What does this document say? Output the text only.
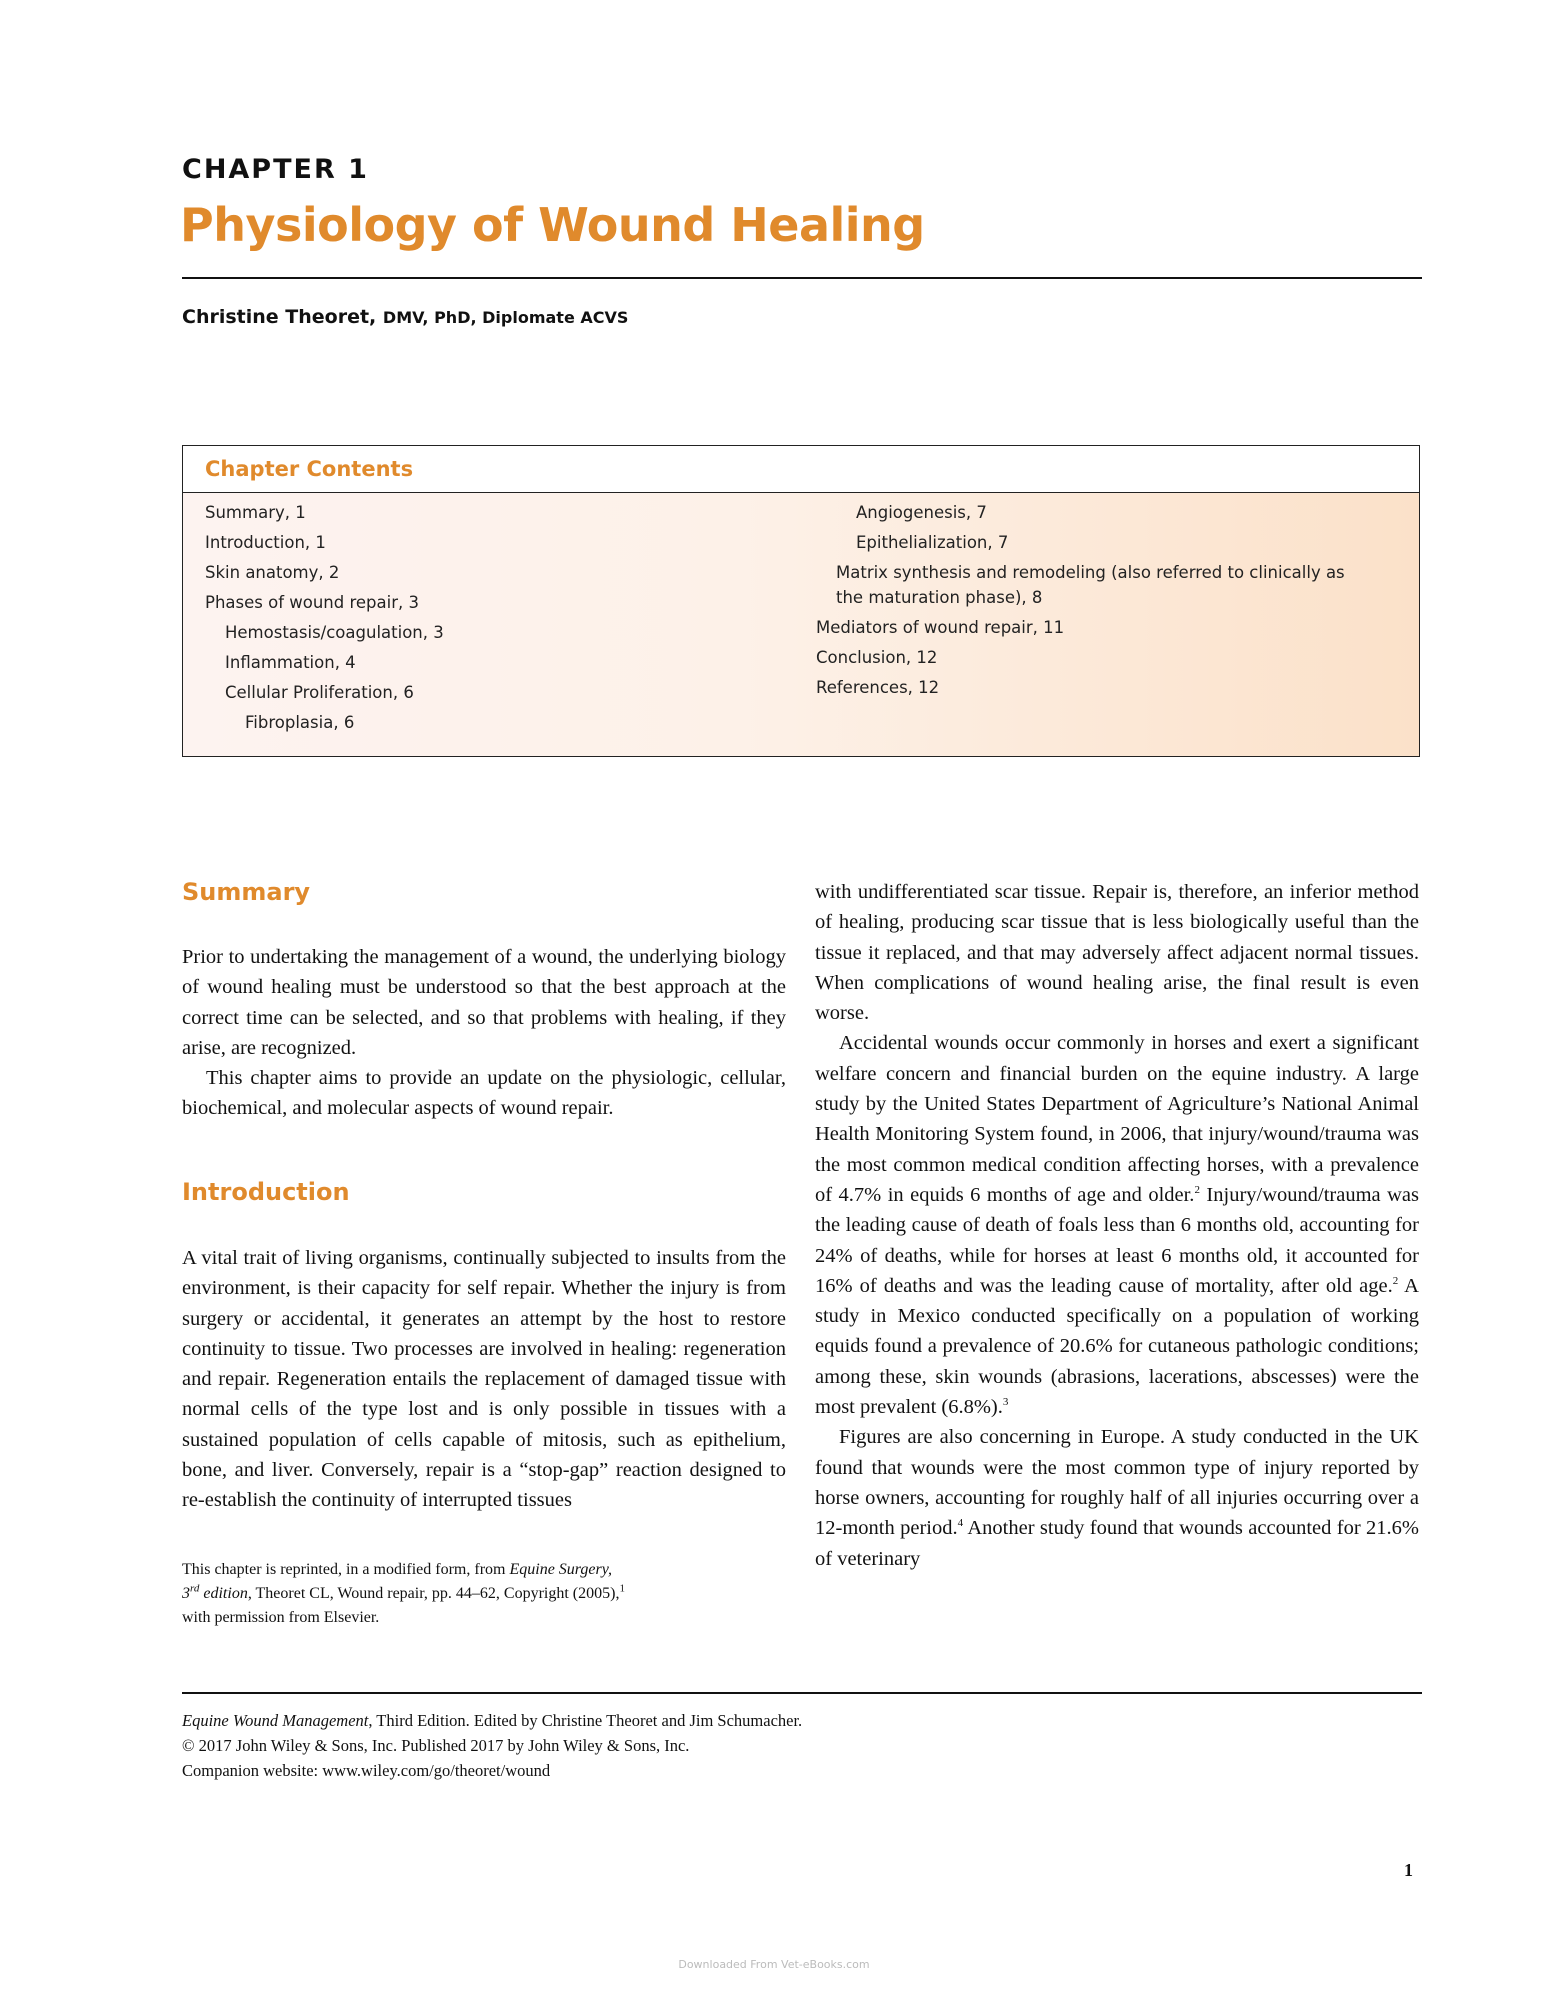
CHAPTER 1
Physiology of Wound Healing
Christine Theoret, DMV, PhD, Diplomate ACVS
Chapter Contents
Summary, 1
Introduction, 1
Skin anatomy, 2
Phases of wound repair, 3
Hemostasis/coagulation, 3
Inflammation, 4
Cellular Proliferation, 6
Fibroplasia, 6
Angiogenesis, 7
Epithelialization, 7
Matrix synthesis and remodeling (also referred to clinically as
the maturation phase), 8
Mediators of wound repair, 11
Conclusion, 12
References, 12
Summary

Prior to undertaking the management of a wound, the underlying biology of wound healing must be understood so that the best approach at the correct time can be selected, and so that problems with healing, if they arise, are recognized.

This chapter aims to provide an update on the physiologic, cellular, biochemical, and molecular aspects of wound repair.

Introduction

A vital trait of living organisms, continually subjected to insults from the environment, is their capacity for self repair. Whether the injury is from surgery or accidental, it generates an attempt by the host to restore continuity to tissue. Two processes are involved in healing: regeneration and repair. Regeneration entails the replacement of damaged tissue with normal cells of the type lost and is only possible in tissues with a sustained population of cells capable of mitosis, such as epithelium, bone, and liver. Conversely, repair is a “stop-gap” reaction designed to re-establish the continuity of interrupted tissues

This chapter is reprinted, in a modified form, from Equine Surgery,
3rd edition, Theoret CL, Wound repair, pp. 44–62, Copyright (2005),$^1$
with permission from Elsevier.

with undifferentiated scar tissue. Repair is, therefore, an inferior method of healing, producing scar tissue that is less biologically useful than the tissue it replaced, and that may adversely affect adjacent normal tissues. When complications of wound healing arise, the final result is even worse.

Accidental wounds occur commonly in horses and exert a significant welfare concern and financial burden on the equine industry. A large study by the United States Department of Agriculture’s National Animal Health Monitoring System found, in 2006, that injury/wound/trauma was the most common medical condition affecting horses, with a prevalence of 4.7% in equids 6 months of age and older.$^2$ Injury/wound/trauma was the leading cause of death of foals less than 6 months old, accounting for 24% of deaths, while for horses at least 6 months old, it accounted for 16% of deaths and was the leading cause of mortality, after old age.$^2$ A study in Mexico conducted specifically on a population of working equids found a prevalence of 20.6% for cutaneous pathologic conditions; among these, skin wounds (abrasions, lacerations, abscesses) were the most prevalent (6.8%).$^3$

Figures are also concerning in Europe. A study conducted in the UK found that wounds were the most common type of injury reported by horse owners, accounting for roughly half of all injuries occurring over a 12-month period.$^4$ Another study found that wounds accounted for 21.6% of veterinary

Equine Wound Management, Third Edition. Edited by Christine Theoret and Jim Schumacher.
© 2017 John Wiley & Sons, Inc. Published 2017 by John Wiley & Sons, Inc.
Companion website: www.wiley.com/go/theoret/wound
1
Downloaded From Vet-eBooks.com
